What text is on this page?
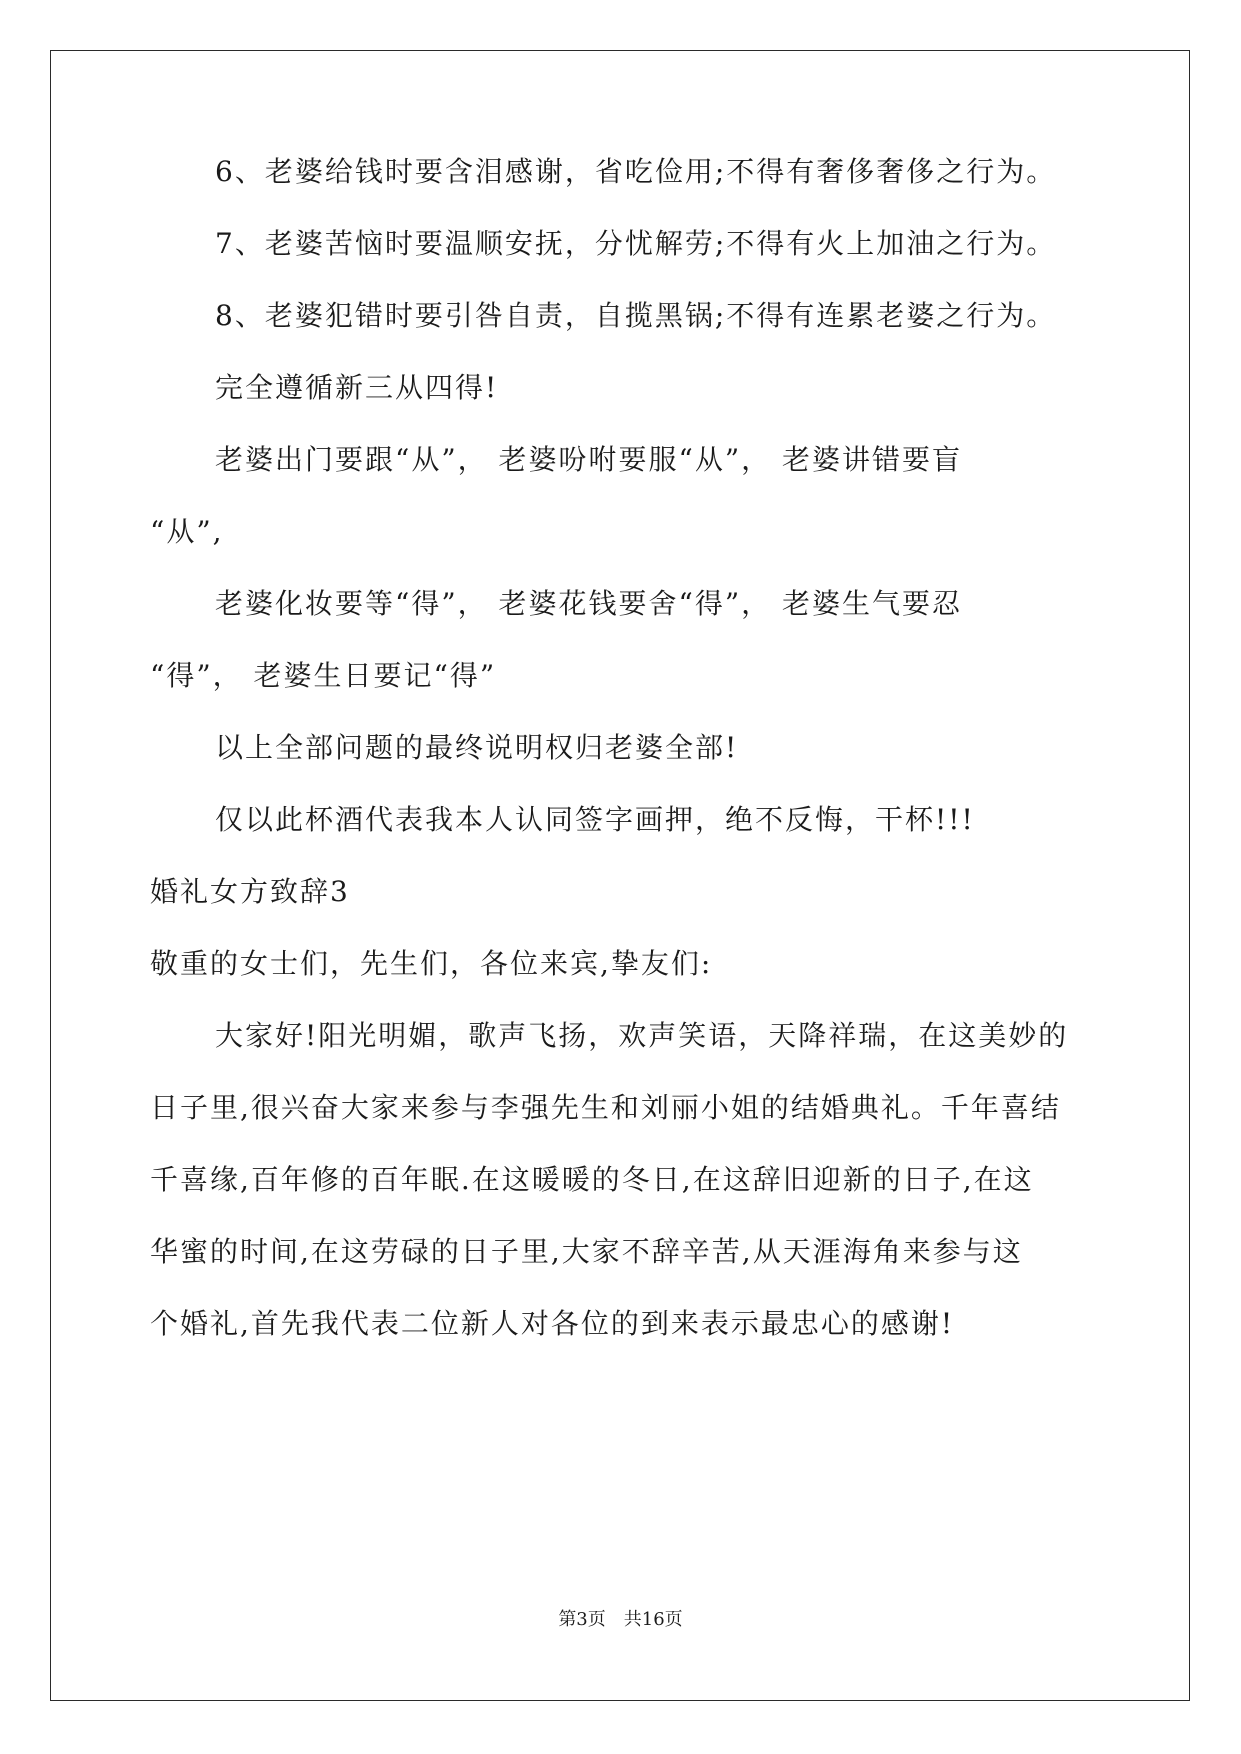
6、老婆给钱时要含泪感谢，省吃俭用;不得有奢侈奢侈之行为。
7、老婆苦恼时要温顺安抚，分忧解劳;不得有火上加油之行为。
8、老婆犯错时要引咎自责，自揽黑锅;不得有连累老婆之行为。
完全遵循新三从四得!
老婆出门要跟“从”， 老婆吩咐要服“从”， 老婆讲错要盲
“从”,
老婆化妆要等“得”， 老婆花钱要舍“得”， 老婆生气要忍
“得”， 老婆生日要记“得”
以上全部问题的最终说明权归老婆全部!
仅以此杯酒代表我本人认同签字画押，绝不反悔，干杯!!!
婚礼女方致辞3
敬重的女士们，先生们，各位来宾,挚友们:
大家好!阳光明媚，歌声飞扬，欢声笑语，天降祥瑞，在这美妙的
日子里,很兴奋大家来参与李强先生和刘丽小姐的结婚典礼。千年喜结
千喜缘,百年修的百年眠.在这暖暖的冬日,在这辞旧迎新的日子,在这
华蜜的时间,在这劳碌的日子里,大家不辞辛苦,从天涯海角来参与这
个婚礼,首先我代表二位新人对各位的到来表示最忠心的感谢!
第3页　共16页
